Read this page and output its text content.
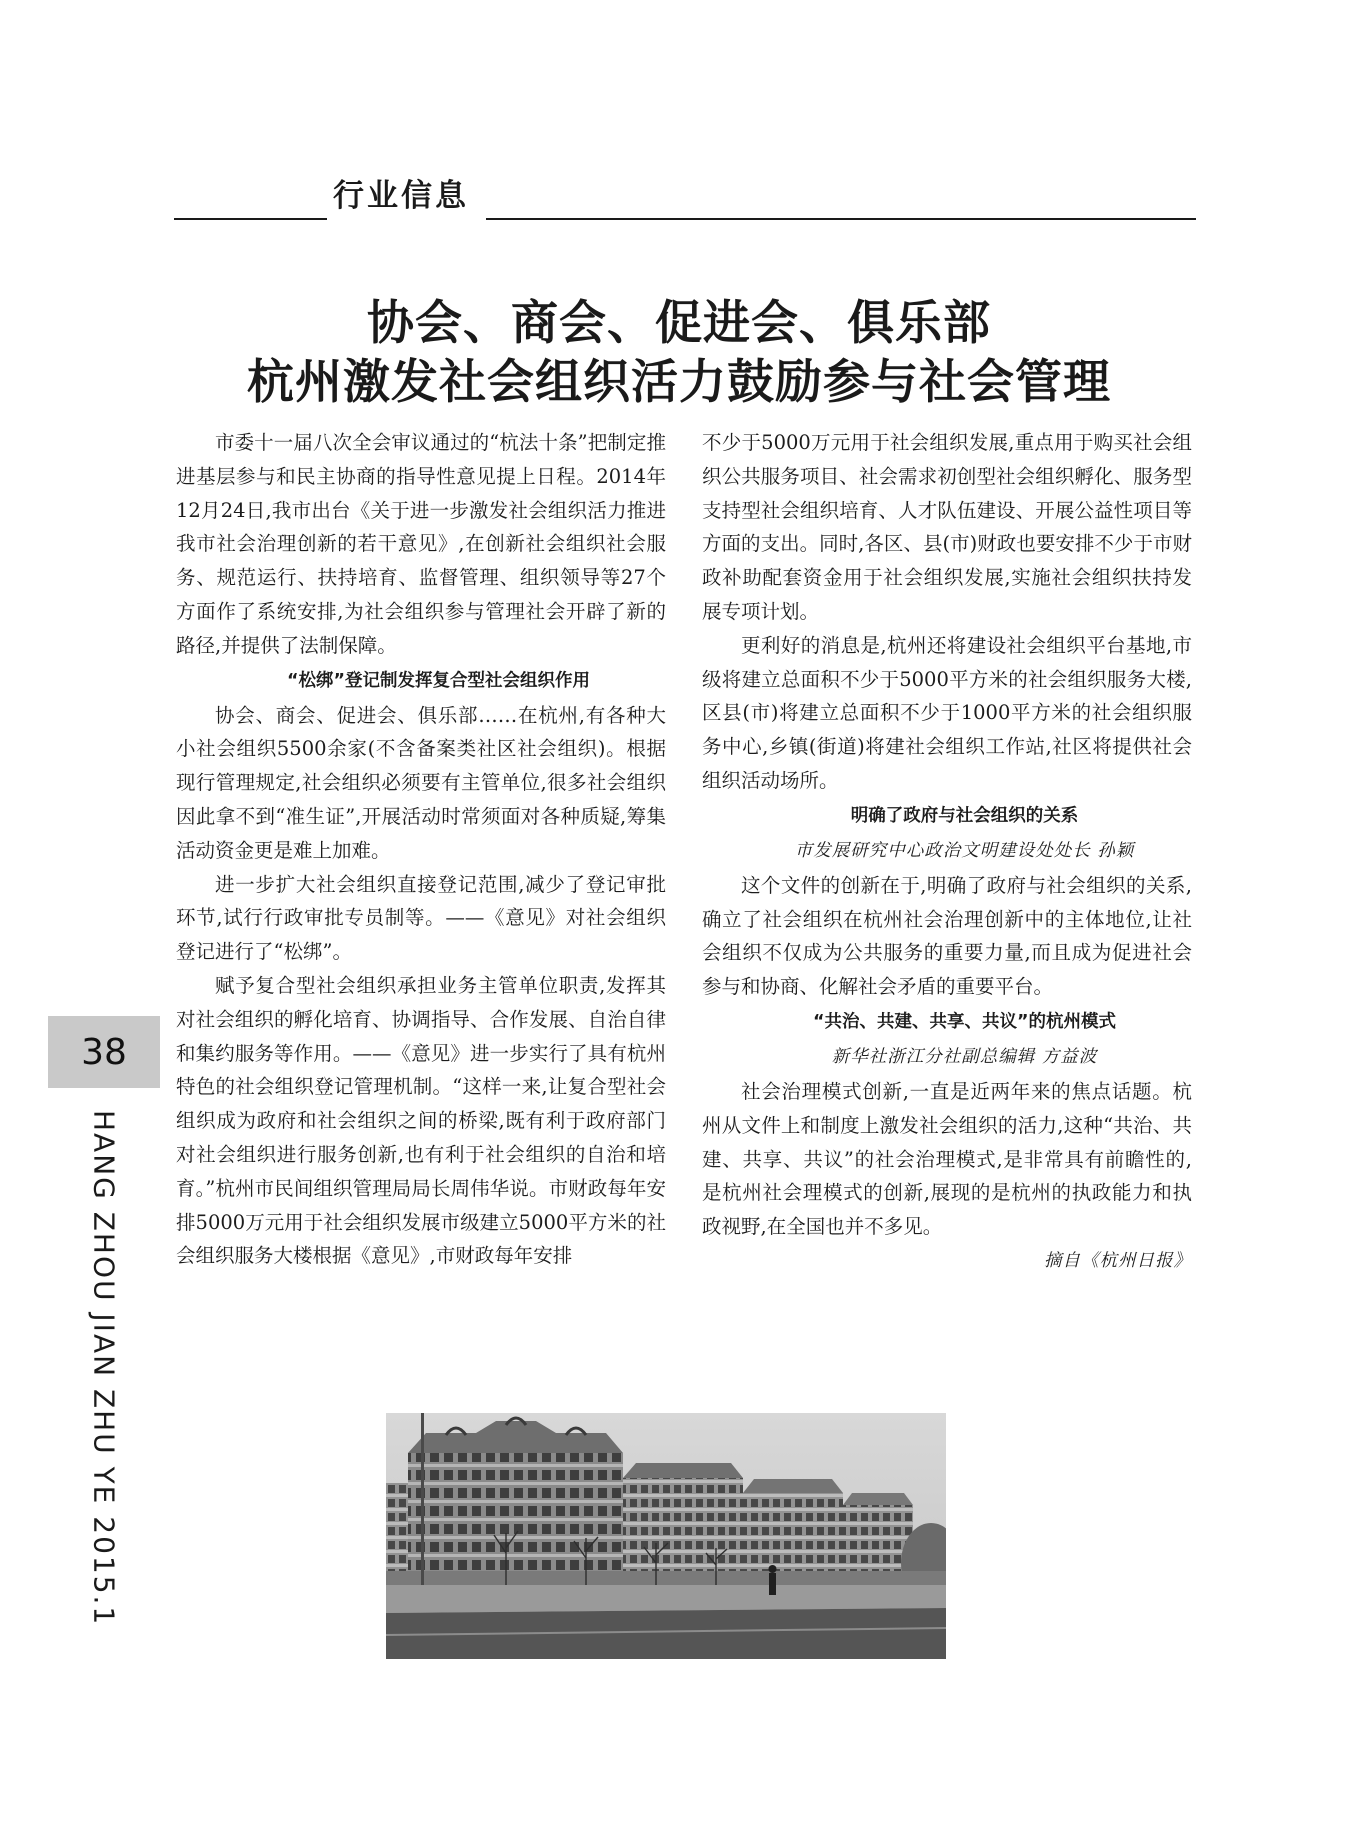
行业信息
协会、商会、促进会、俱乐部
杭州激发社会组织活力鼓励参与社会管理

市委十一届八次全会审议通过的“杭法十条”把制定推进基层参与和民主协商的指导性意见提上日程。2014年12月24日,我市出台《关于进一步激发社会组织活力推进我市社会治理创新的若干意见》,在创新社会组织社会服务、规范运行、扶持培育、监督管理、组织领导等27个方面作了系统安排,为社会组织参与管理社会开辟了新的路径,并提供了法制保障。

“松绑”登记制发挥复合型社会组织作用

协会、商会、促进会、俱乐部……在杭州,有各种大小社会组织5500余家(不含备案类社区社会组织)。根据现行管理规定,社会组织必须要有主管单位,很多社会组织因此拿不到“准生证”,开展活动时常须面对各种质疑,筹集活动资金更是难上加难。

进一步扩大社会组织直接登记范围,减少了登记审批环节,试行行政审批专员制等。——《意见》对社会组织登记进行了“松绑”。

赋予复合型社会组织承担业务主管单位职责,发挥其对社会组织的孵化培育、协调指导、合作发展、自治自律和集约服务等作用。——《意见》进一步实行了具有杭州特色的社会组织登记管理机制。“这样一来,让复合型社会组织成为政府和社会组织之间的桥梁,既有利于政府部门对社会组织进行服务创新,也有利于社会组织的自治和培育。”杭州市民间组织管理局局长周伟华说。市财政每年安排5000万元用于社会组织发展市级建立5000平方米的社会组织服务大楼根据《意见》,市财政每年安排

不少于5000万元用于社会组织发展,重点用于购买社会组织公共服务项目、社会需求初创型社会组织孵化、服务型支持型社会组织培育、人才队伍建设、开展公益性项目等方面的支出。同时,各区、县(市)财政也要安排不少于市财政补助配套资金用于社会组织发展,实施社会组织扶持发展专项计划。

更利好的消息是,杭州还将建设社会组织平台基地,市级将建立总面积不少于5000平方米的社会组织服务大楼,区县(市)将建立总面积不少于1000平方米的社会组织服务中心,乡镇(街道)将建社会组织工作站,社区将提供社会组织活动场所。

明确了政府与社会组织的关系

市发展研究中心政治文明建设处处长 孙颖

这个文件的创新在于,明确了政府与社会组织的关系,确立了社会组织在杭州社会治理创新中的主体地位,让社会组织不仅成为公共服务的重要力量,而且成为促进社会参与和协商、化解社会矛盾的重要平台。

“共治、共建、共享、共议”的杭州模式

新华社浙江分社副总编辑 方益波

社会治理模式创新,一直是近两年来的焦点话题。杭州从文件上和制度上激发社会组织的活力,这种“共治、共建、共享、共议”的社会治理模式,是非常具有前瞻性的,是杭州社会理模式的创新,展现的是杭州的执政能力和执政视野,在全国也并不多见。

摘自《杭州日报》

38
HANG ZHOU JIAN ZHU YE 2015.1
